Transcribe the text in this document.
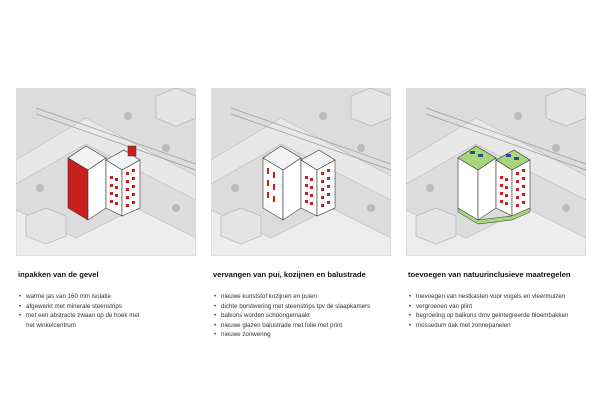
inpakken van de gevel
• warme jas van 160 mm isolatie
• afgewerkt met minerale steenstrips
• met een abstracte zwaan op de hoek met
het winkelcentrum
vervangen van pui, kozijnen en balustrade
• nieuwe kunststof kozijnen en puien
• dichte borstwering met steenstrips tpv de slaapkamers
• balkons worden schoongemaakt
• nieuwe glazen balustrade met folie met print
• nieuwe zonwering
toevoegen van natuurinclusieve maatregelen
• toevoegen van nestkasten voor vogels en vleermuizen
• vergroenen van plint
• begroeiing op balkons dmv geintegreerde bloembakken
• mossedum dak met zonnepanelen
